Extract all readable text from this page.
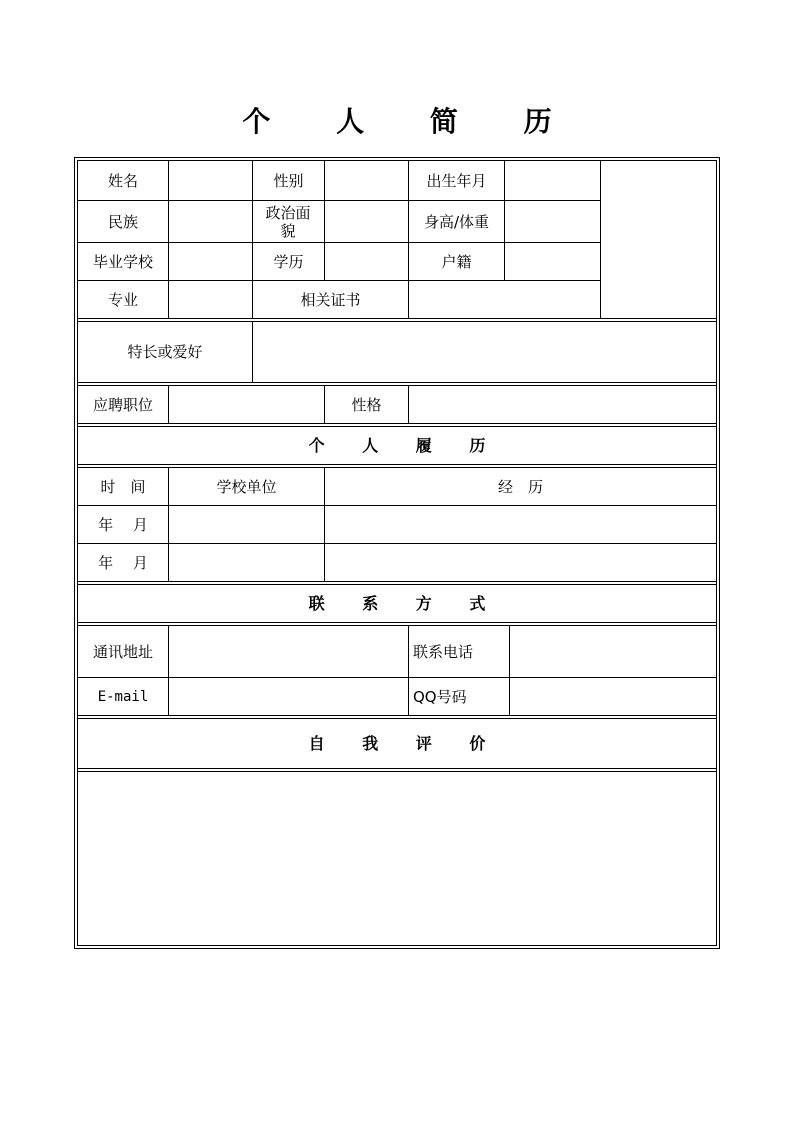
个 人 简 历
姓名	性别	出生年月
民族	政治面貌	身高/体重
毕业学校	学历	户籍
专业	相关证书
特长或爱好
应聘职位	性格
个 人 履 历
时　间	学校单位	经　历
年　 月
年　 月
联 系 方 式
通讯地址	联系电话
E-mail	QQ号码
自 我 评 价
